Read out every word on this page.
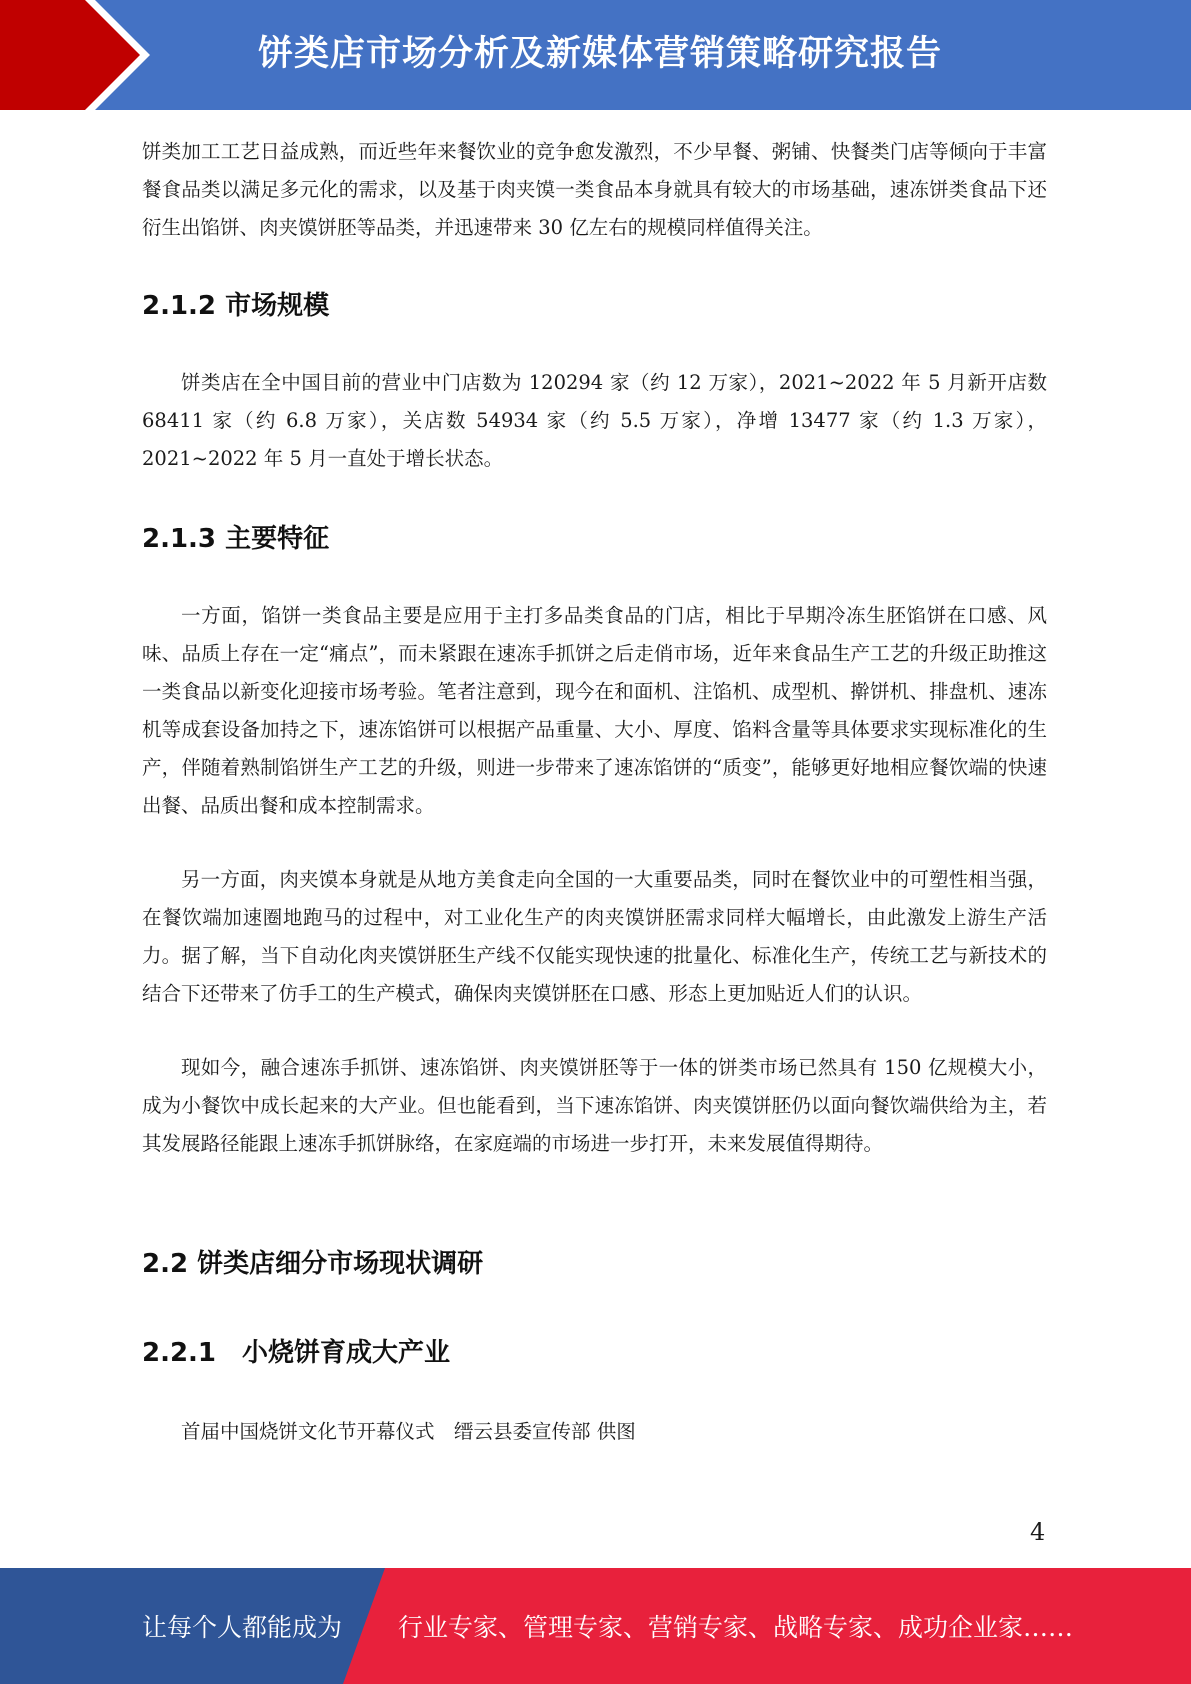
饼类店市场分析及新媒体营销策略研究报告

饼类加工工艺日益成熟，而近些年来餐饮业的竞争愈发激烈，不少早餐、粥铺、快餐类门店等倾向于丰富餐食品类以满足多元化的需求，以及基于肉夹馍一类食品本身就具有较大的市场基础，速冻饼类食品下还衍生出馅饼、肉夹馍饼胚等品类，并迅速带来 30 亿左右的规模同样值得关注。

2.1.2 市场规模

饼类店在全中国目前的营业中门店数为 120294 家（约 12 万家），2021~2022 年 5 月新开店数 68411 家（约 6.8 万家），关店数 54934 家（约 5.5 万家），净增 13477 家（约 1.3 万家），2021~2022 年 5 月一直处于增长状态。

2.1.3 主要特征

一方面，馅饼一类食品主要是应用于主打多品类食品的门店，相比于早期冷冻生胚馅饼在口感、风味、品质上存在一定“痛点”，而未紧跟在速冻手抓饼之后走俏市场，近年来食品生产工艺的升级正助推这一类食品以新变化迎接市场考验。笔者注意到，现今在和面机、注馅机、成型机、擀饼机、排盘机、速冻机等成套设备加持之下，速冻馅饼可以根据产品重量、大小、厚度、馅料含量等具体要求实现标准化的生产，伴随着熟制馅饼生产工艺的升级，则进一步带来了速冻馅饼的“质变”，能够更好地相应餐饮端的快速出餐、品质出餐和成本控制需求。

另一方面，肉夹馍本身就是从地方美食走向全国的一大重要品类，同时在餐饮业中的可塑性相当强，在餐饮端加速圈地跑马的过程中，对工业化生产的肉夹馍饼胚需求同样大幅增长，由此激发上游生产活力。据了解，当下自动化肉夹馍饼胚生产线不仅能实现快速的批量化、标准化生产，传统工艺与新技术的结合下还带来了仿手工的生产模式，确保肉夹馍饼胚在口感、形态上更加贴近人们的认识。

现如今，融合速冻手抓饼、速冻馅饼、肉夹馍饼胚等于一体的饼类市场已然具有 150 亿规模大小，成为小餐饮中成长起来的大产业。但也能看到，当下速冻馅饼、肉夹馍饼胚仍以面向餐饮端供给为主，若其发展路径能跟上速冻手抓饼脉络，在家庭端的市场进一步打开，未来发展值得期待。

2.2 饼类店细分市场现状调研
2.2.1　小烧饼育成大产业

首届中国烧饼文化节开幕仪式　缙云县委宣传部 供图

4
让每个人都能成为 行业专家、管理专家、营销专家、战略专家、成功企业家……
